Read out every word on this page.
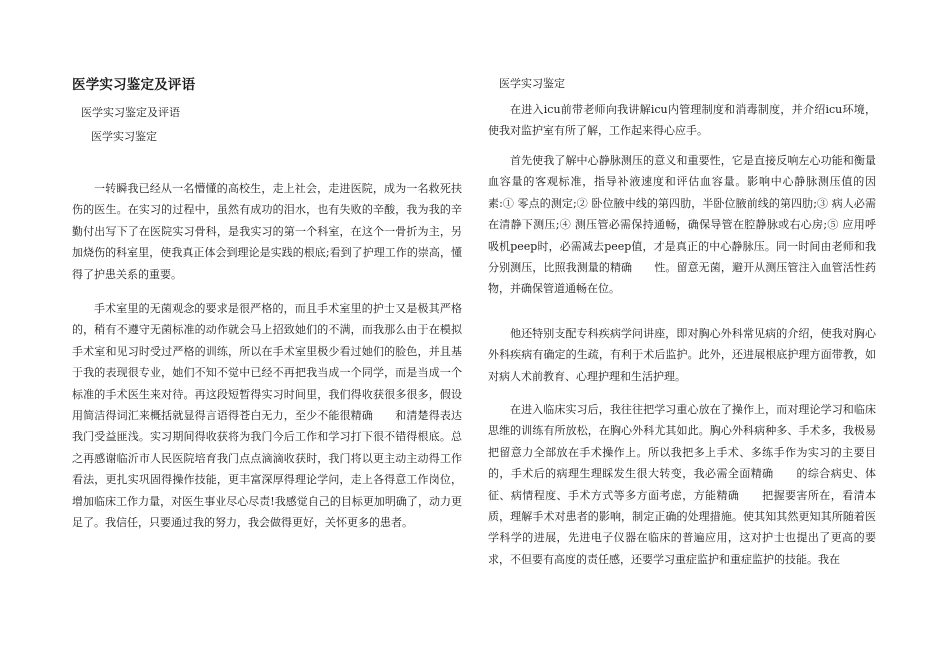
医学实习鉴定及评语

医学实习鉴定及评语

医学实习鉴定

一转瞬我已经从一名懵懂的高校生，走上社会，走进医院，成为一名救死扶伤的医生。在实习的过程中，虽然有成功的泪水，也有失败的辛酸，我为我的辛勤付出写下了在医院实习骨科，是我实习的第一个科室，在这个一骨折为主，另加烧伤的科室里，使我真正体会到理论是实践的根底;看到了护理工作的崇高，懂得了护患关系的重要。

手术室里的无菌观念的要求是很严格的，而且手术室里的护士又是极其严格的，稍有不遵守无菌标准的动作就会马上招致她们的不满，而我那么由于在模拟手术室和见习时受过严格的训练，所以在手术室里极少看过她们的脸色，并且基于我的表现很专业，她们不知不觉中已经不再把我当成一个同学，而是当成一个标准的手术医生来对待。再这段短暂得实习时间里，我们得收获很多很多，假设用简洁得词汇来概括就显得言语得苍白无力，至少不能很精确　　和清楚得表达我门受益匪浅。实习期间得收获将为我门今后工作和学习打下很不错得根底。总之再感谢临沂市人民医院培育我门点点滴滴收获时，我门将以更主动主动得工作看法，更扎实巩固得操作技能，更丰富深厚得理论学问，走上各得意工作岗位，增加临床工作力量，对医生事业尽心尽责!我感觉自己的目标更加明确了，动力更足了。我信任，只要通过我的努力，我会做得更好，关怀更多的患者。

医学实习鉴定

在进入icu前带老师向我讲解icu内管理制度和消毒制度，并介绍icu环境，使我对监护室有所了解，工作起来得心应手。

首先使我了解中心静脉测压的意义和重要性，它是直接反响左心功能和衡量血容量的客观标准，指导补液速度和评估血容量。影响中心静脉测压值的因素:① 零点的测定;② 卧位腋中线的第四肋，半卧位腋前线的第四肋;③ 病人必需在清静下测压;④ 测压管必需保持通畅，确保导管在腔静脉或右心房;⑤ 应用呼吸机peep时，必需减去peep值，才是真正的中心静脉压。同一时间由老师和我分别测压，比照我测量的精确　　性。留意无菌，避开从测压管注入血管活性药物，并确保管道通畅在位。

他还特别支配专科疾病学问讲座，即对胸心外科常见病的介绍，使我对胸心外科疾病有确定的生疏，有利于术后监护。此外，还进展根底护理方面带教，如对病人术前教育、心理护理和生活护理。

在进入临床实习后，我往往把学习重心放在了操作上，而对理论学习和临床思维的训练有所放松，在胸心外科尤其如此。胸心外科病种多、手术多，我极易把留意力全部放在手术操作上。所以我把多上手术、多练手作为实习的主要目的，手术后的病理生理睬发生很大转变，我必需全面精确　　的综合病史、体征、病情程度、手术方式等多方面考虑，方能精确　　把握要害所在，看清本质，理解手术对患者的影响，制定正确的处理措施。使其知其然更知其所随着医学科学的进展，先进电子仪器在临床的普遍应用，这对护士也提出了更高的要求，不但要有高度的责任感，还要学习重症监护和重症监护的技能。我在
